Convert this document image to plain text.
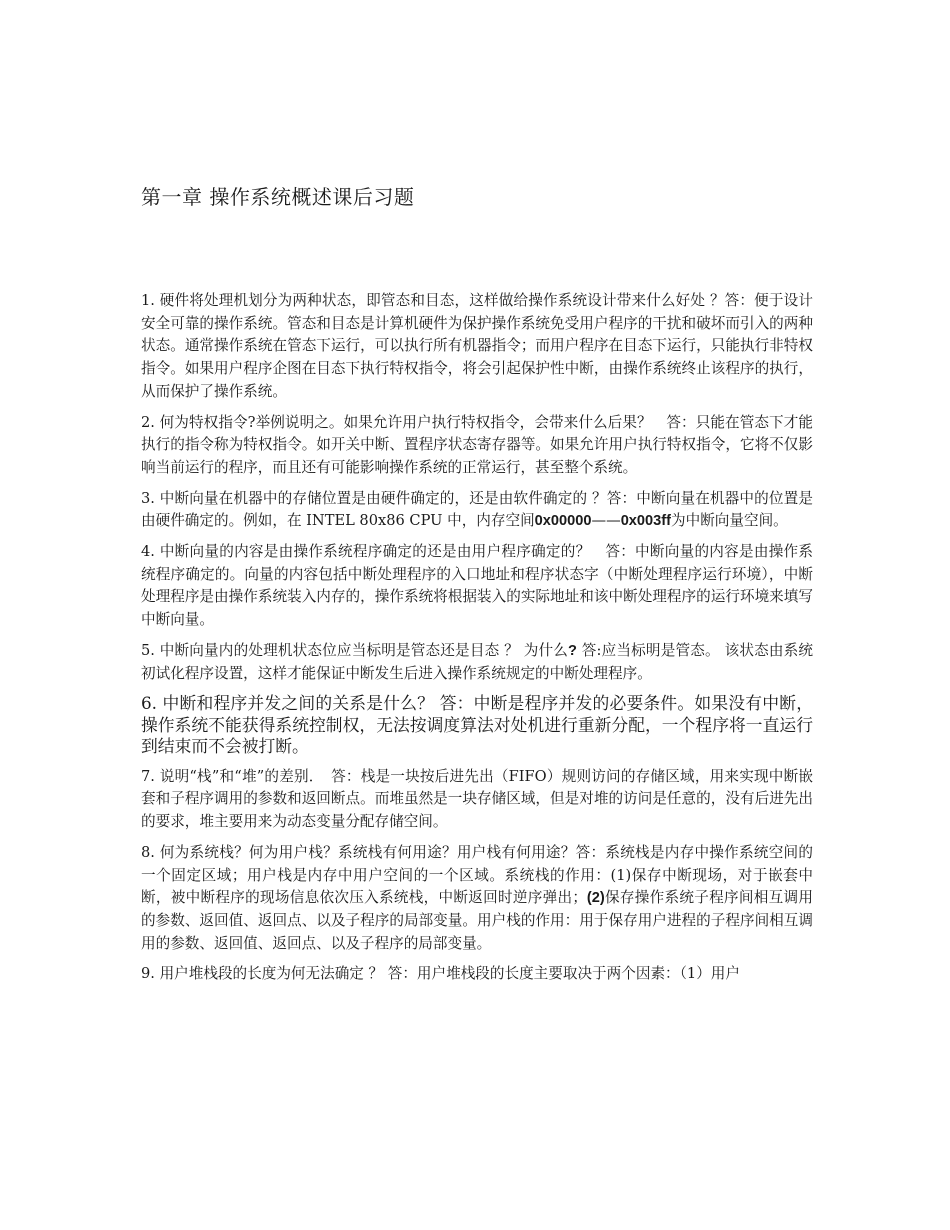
第一章 操作系统概述课后习题

1. 硬件将处理机划分为两种状态，即管态和目态，这样做给操作系统设计带来什么好处 ？答：便于设计安全可靠的操作系统。管态和目态是计算机硬件为保护操作系统免受用户程序的干扰和破坏而引入的两种状态。通常操作系统在管态下运行，可以执行所有机器指令；而用户程序在目态下运行，只能执行非特权指令。如果用户程序企图在目态下执行特权指令，将会引起保护性中断，由操作系统终止该程序的执行，从而保护了操作系统。

2. 何为特权指令?举例说明之。如果允许用户执行特权指令，会带来什么后果？　答：只能在管态下才能执行的指令称为特权指令。如开关中断、置程序状态寄存器等。如果允许用户执行特权指令，它将不仅影响当前运行的程序，而且还有可能影响操作系统的正常运行，甚至整个系统。

3. 中断向量在机器中的存储位置是由硬件确定的，还是由软件确定的 ？答：中断向量在机器中的位置是由硬件确定的。例如，在 INTEL 80x86 CPU 中，内存空间0x00000——0x003ff为中断向量空间。

4. 中断向量的内容是由操作系统程序确定的还是由用户程序确定的？　答：中断向量的内容是由操作系统程序确定的。向量的内容包括中断处理程序的入口地址和程序状态字（中断处理程序运行环境），中断处理程序是由操作系统装入内存的，操作系统将根据装入的实际地址和该中断处理程序的运行环境来填写中断向量。

5. 中断向量内的处理机状态位应当标明是管态还是目态 ？ 为什么? 答:应当标明是管态。 该状态由系统初试化程序设置，这样才能保证中断发生后进入操作系统规定的中断处理程序。

6. 中断和程序并发之间的关系是什么？ 答：中断是程序并发的必要条件。如果没有中断，操作系统不能获得系统控制权，无法按调度算法对处机进行重新分配，一个程序将一直运行到结束而不会被打断。

7. 说明“栈”和“堆”的差别．　答：栈是一块按后进先出（FIFO）规则访问的存储区域，用来实现中断嵌套和子程序调用的参数和返回断点。而堆虽然是一块存储区域，但是对堆的访问是任意的，没有后进先出的要求，堆主要用来为动态变量分配存储空间。

8. 何为系统栈？何为用户栈？系统栈有何用途？用户栈有何用途？答：系统栈是内存中操作系统空间的一个固定区域；用户栈是内存中用户空间的一个区域。系统栈的作用：(1)保存中断现场，对于嵌套中断，被中断程序的现场信息依次压入系统栈，中断返回时逆序弹出；(2)保存操作系统子程序间相互调用的参数、返回值、返回点、以及子程序的局部变量。用户栈的作用：用于保存用户进程的子程序间相互调用的参数、返回值、返回点、以及子程序的局部变量。

9. 用户堆栈段的长度为何无法确定 ？ 答：用户堆栈段的长度主要取决于两个因素：（1）用户
